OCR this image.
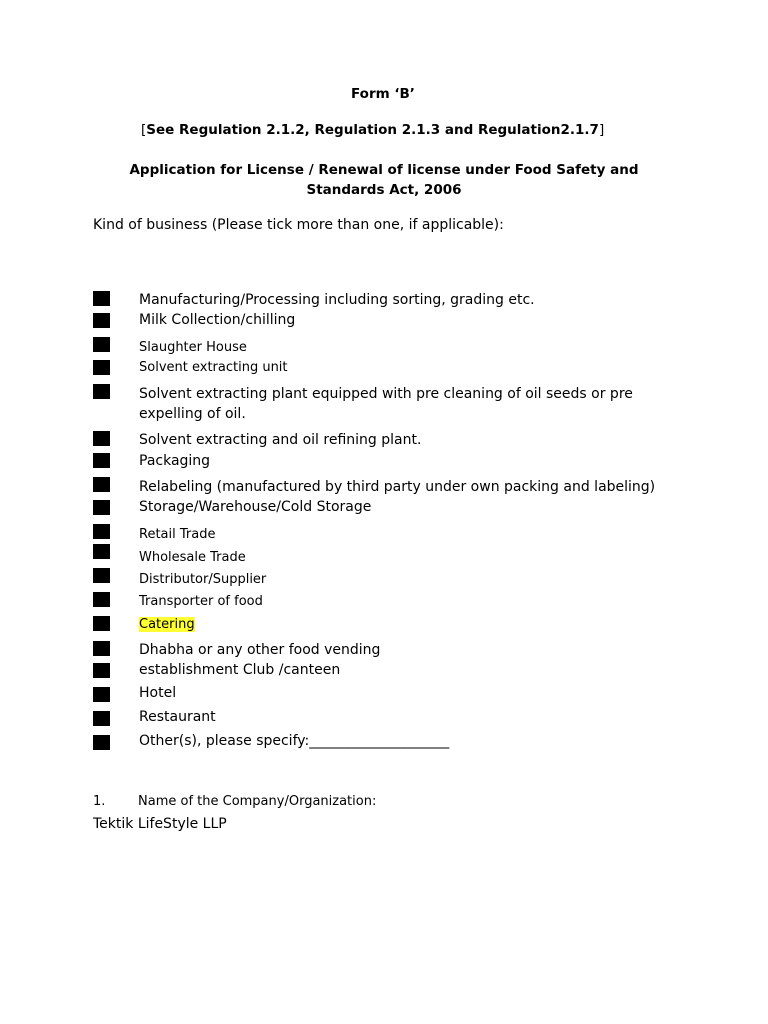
Form ‘B’
[See Regulation 2.1.2, Regulation 2.1.3 and Regulation2.1.7]
Application for License / Renewal of license under Food Safety and Standards Act, 2006
Kind of business (Please tick more than one, if applicable):
Manufacturing/Processing including sorting, grading etc.
Milk Collection/chilling
Slaughter House
Solvent extracting unit
Solvent extracting plant equipped with pre cleaning of oil seeds or pre expelling of oil.
Solvent extracting and oil refining plant.
Packaging
Relabeling (manufactured by third party under own packing and labeling)
Storage/Warehouse/Cold Storage
Retail Trade
Wholesale Trade
Distributor/Supplier
Transporter of food
Catering
Dhabha or any other food vending
establishment Club /canteen
Hotel
Restaurant
Other(s), please specify:____________________
1.	Name of the Company/Organization:
Tektik LifeStyle LLP
